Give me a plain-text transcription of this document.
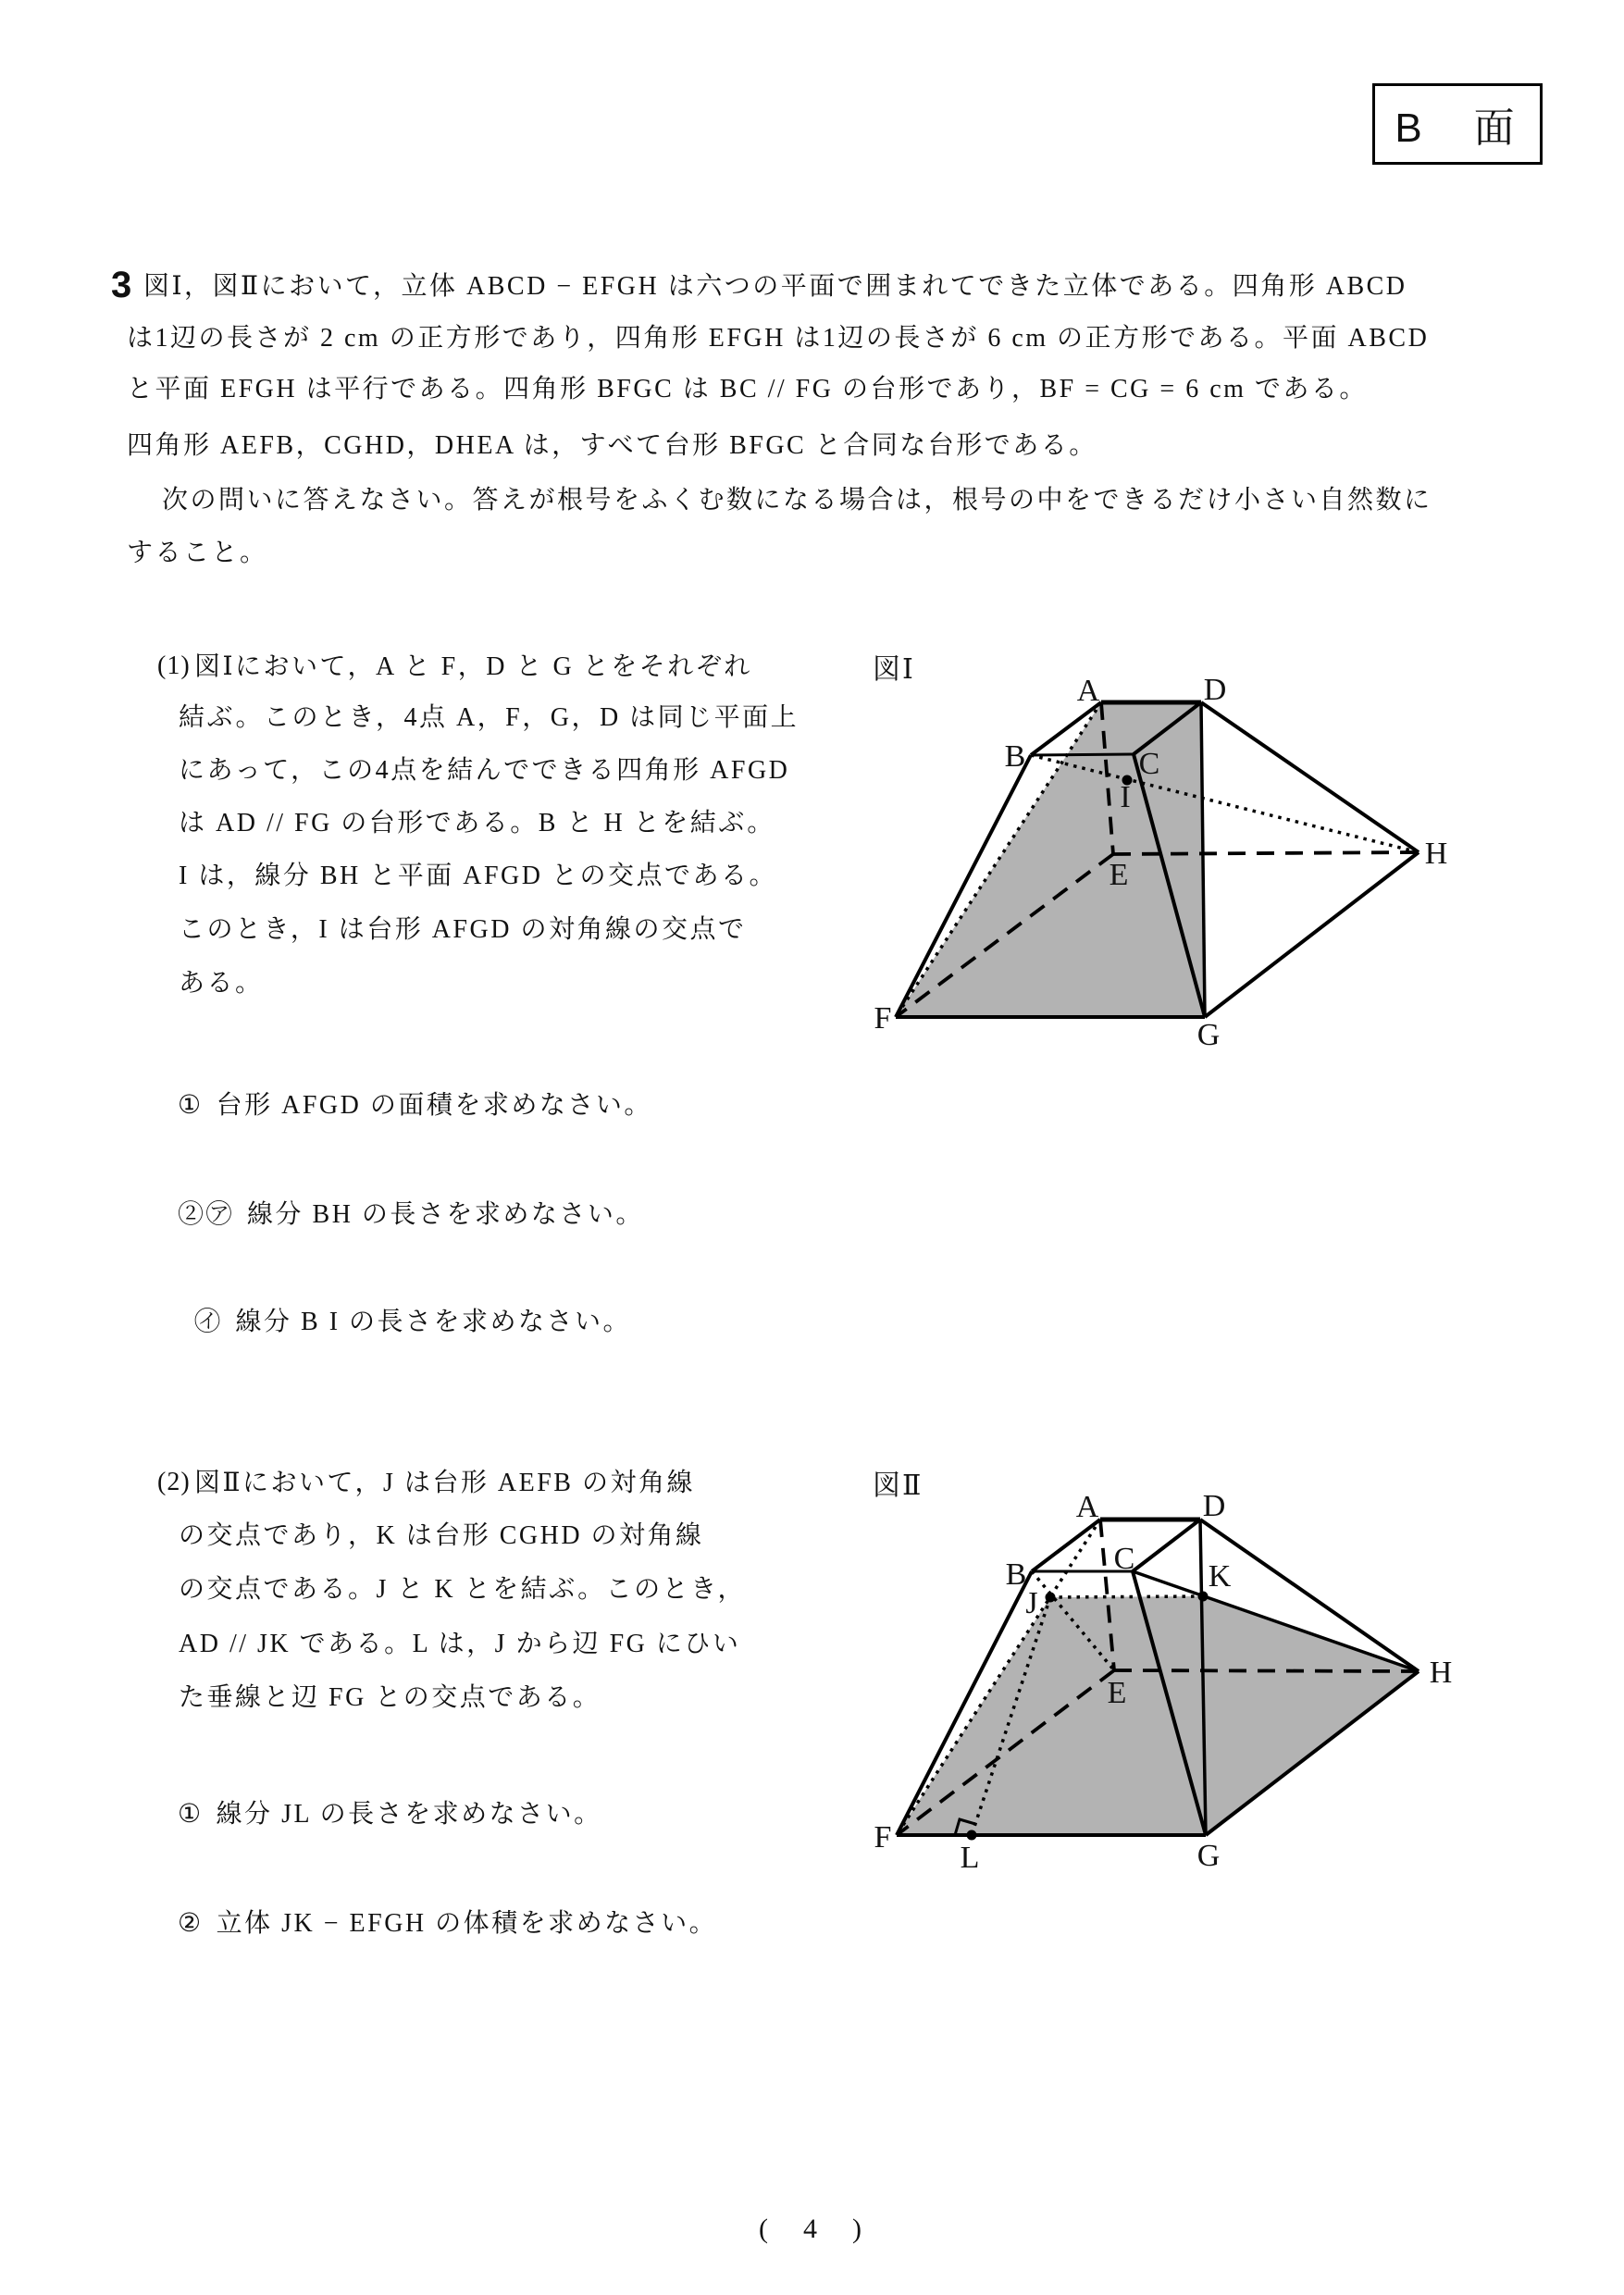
B　面
3 図Ⅰ，図Ⅱにおいて，立体 ABCD − EFGH は六つの平面で囲まれてできた立体である。四角形 ABCD
は1辺の長さが 2 cm の正方形であり，四角形 EFGH は1辺の長さが 6 cm の正方形である。平面 ABCD
と平面 EFGH は平行である。四角形 BFGC は BC // FG の台形であり，BF = CG = 6 cm である。
四角形 AEFB，CGHD，DHEA は，すべて台形 BFGC と合同な台形である。
次の問いに答えなさい。答えが根号をふくむ数になる場合は，根号の中をできるだけ小さい自然数に
すること。
(1) 図Ⅰにおいて，A と F，D と G とをそれぞれ
結ぶ。このとき，4点 A，F，G，D は同じ平面上
にあって，この4点を結んでできる四角形 AFGD
は AD // FG の台形である。B と H とを結ぶ。
I は，線分 BH と平面 AFGD との交点である。
このとき，I は台形 AFGD の対角線の交点で
ある。
① 台形 AFGD の面積を求めなさい。
②㋐ 線分 BH の長さを求めなさい。
㋑ 線分 B I の長さを求めなさい。
(2) 図Ⅱにおいて，J は台形 AEFB の対角線
の交点であり，K は台形 CGHD の対角線
の交点である。J と K とを結ぶ。このとき，
AD // JK である。L は，J から辺 FG にひい
た垂線と辺 FG との交点である。
① 線分 JL の長さを求めなさい。
② 立体 JK − EFGH の体積を求めなさい。
図Ⅰ
A
B	C
D
E
F	G
H
I
図Ⅱ
A
B	C
D
E
F
G
H
J
K
L
(　4　)
